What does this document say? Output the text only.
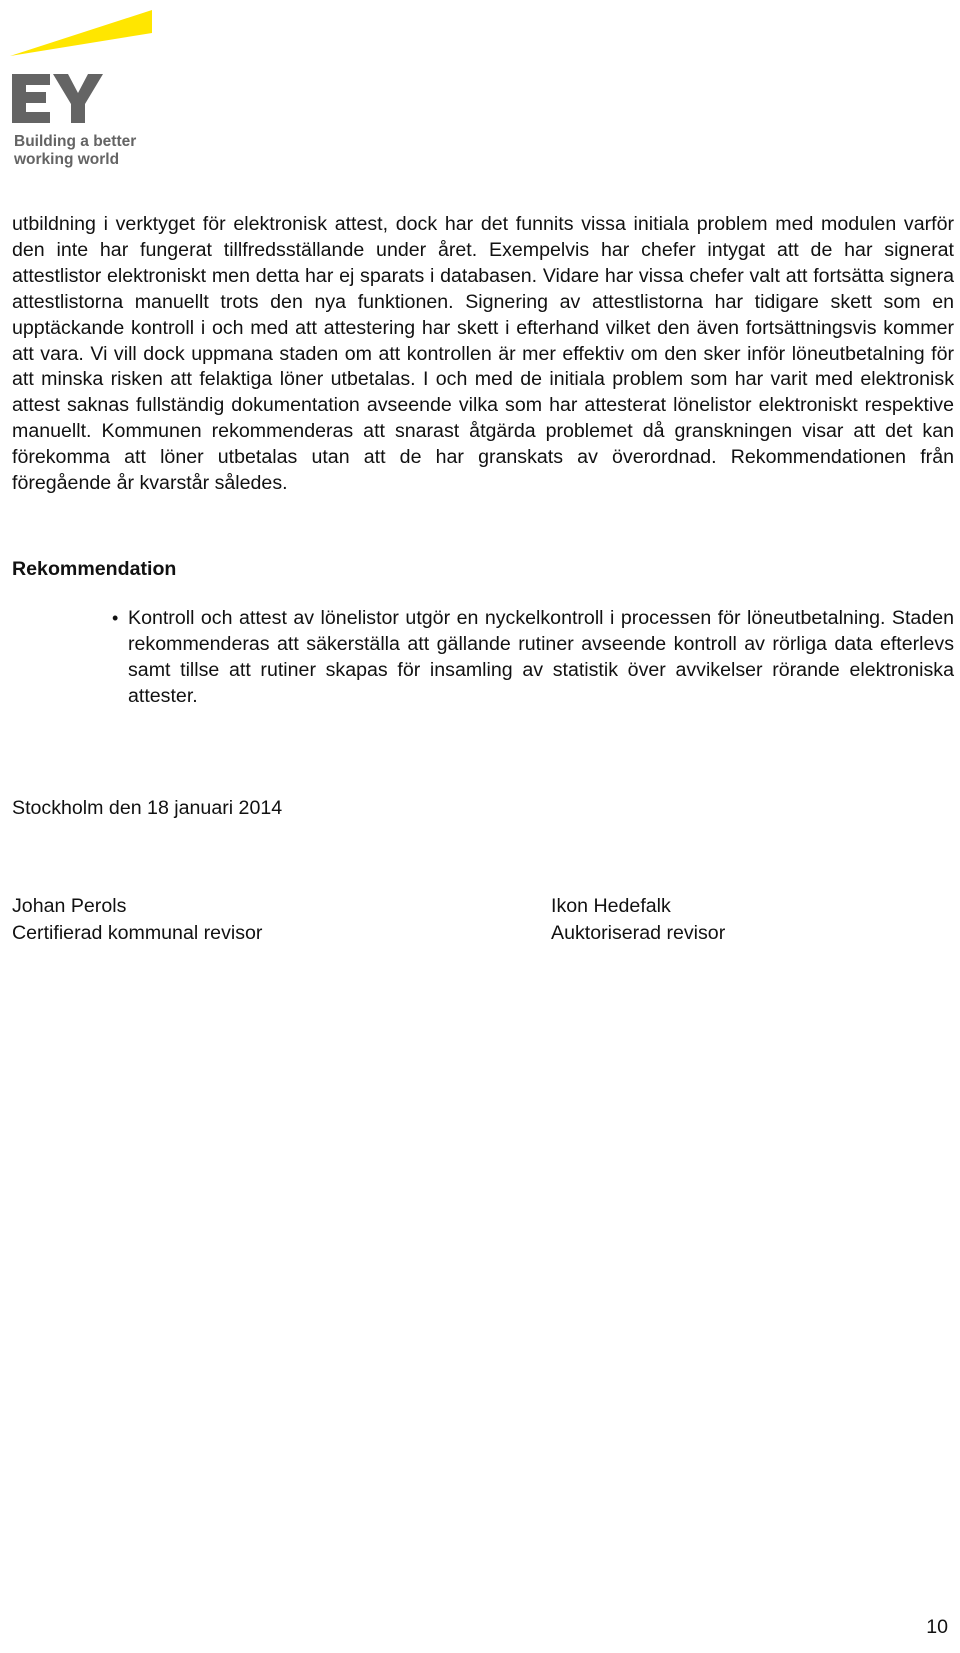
Building a better
working world

utbildning i verktyget för elektronisk attest, dock har det funnits vissa initiala problem med modulen varför den inte har fungerat tillfredsställande under året. Exempelvis har chefer intygat att de har signerat attestlistor elektroniskt men detta har ej sparats i databasen. Vidare har vissa chefer valt att fortsätta signera attestlistorna manuellt trots den nya funktionen. Signering av attestlistorna har tidigare skett som en upptäckande kontroll i och med att attestering har skett i efterhand vilket den även fortsättningsvis kommer att vara. Vi vill dock uppmana staden om att kontrollen är mer effektiv om den sker inför löneutbetalning för att minska risken att felaktiga löner utbetalas. I och med de initiala problem som har varit med elektronisk attest saknas fullständig dokumentation avseende vilka som har attesterat lönelistor elektroniskt respektive manuellt. Kommunen rekommenderas att snarast åtgärda problemet då granskningen visar att det kan förekomma att löner utbetalas utan att de har granskats av överordnad. Rekommendationen från föregående år kvarstår således.

Rekommendation
• Kontroll och attest av lönelistor utgör en nyckelkontroll i processen för löneutbetalning. Staden rekommenderas att säkerställa att gällande rutiner avseende kontroll av rörliga data efterlevs samt tillse att rutiner skapas för insamling av statistik över avvikelser rörande elektroniska attester.

Stockholm den 18 januari 2014

Johan Perols
Certifierad kommunal revisor
Ikon Hedefalk
Auktoriserad revisor
10
